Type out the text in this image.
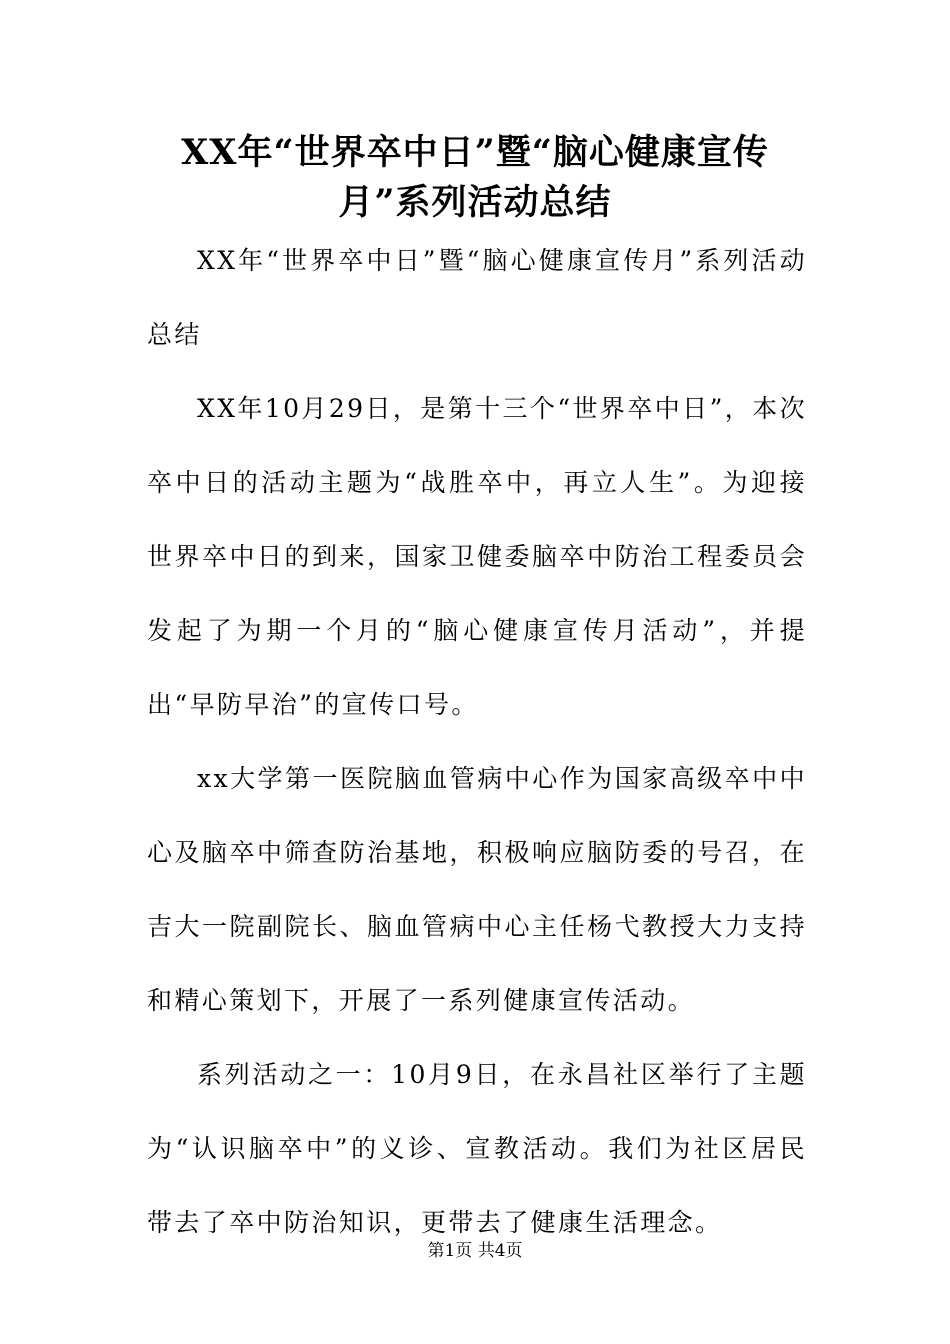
XX年“世界卒中日”暨“脑心健康宣传
月”系列活动总结

XX年“世界卒中日”暨“脑心健康宣传月”系列活动总结

XX年10月29日，是第十三个“世界卒中日”，本次卒中日的活动主题为“战胜卒中，再立人生”。为迎接世界卒中日的到来，国家卫健委脑卒中防治工程委员会发起了为期一个月的“脑心健康宣传月活动”，并提出“早防早治”的宣传口号。

xx大学第一医院脑血管病中心作为国家高级卒中中心及脑卒中筛查防治基地，积极响应脑防委的号召，在吉大一院副院长、脑血管病中心主任杨弋教授大力支持和精心策划下，开展了一系列健康宣传活动。

系列活动之一：10月9日，在永昌社区举行了主题为“认识脑卒中”的义诊、宣教活动。我们为社区居民带去了卒中防治知识，更带去了健康生活理念。

第1页 共4页
